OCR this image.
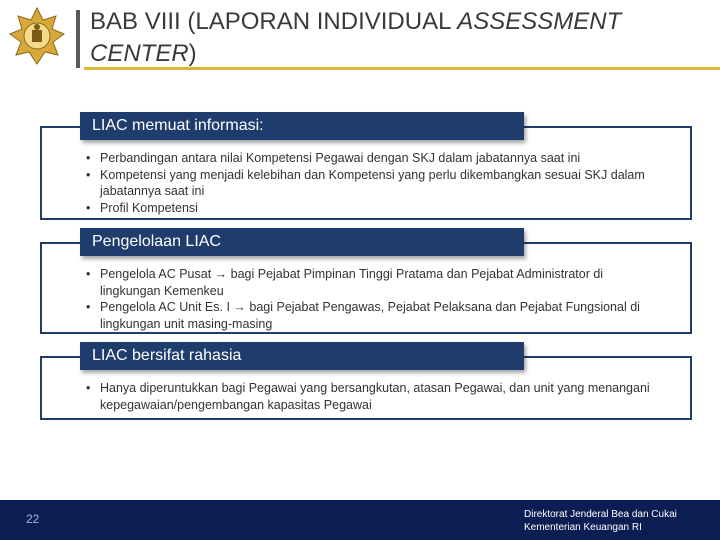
BAB VIII (LAPORAN INDIVIDUAL ASSESSMENT
CENTER)
LIAC memuat informasi:
• Perbandingan antara nilai Kompetensi Pegawai dengan SKJ dalam jabatannya saat ini
• Kompetensi yang menjadi kelebihan dan Kompetensi yang perlu dikembangkan sesuai SKJ dalam jabatannya saat ini
• Profil Kompetensi
Pengelolaan LIAC
• Pengelola AC Pusat → bagi Pejabat Pimpinan Tinggi Pratama dan Pejabat Administrator di lingkungan Kemenkeu
• Pengelola AC Unit Es. I → bagi Pejabat Pengawas, Pejabat Pelaksana dan Pejabat Fungsional di lingkungan unit masing-masing
LIAC bersifat rahasia
• Hanya diperuntukkan bagi Pegawai yang bersangkutan, atasan Pegawai, dan unit yang menangani kepegawaian/pengembangan kapasitas Pegawai
22	Direktorat Jenderal Bea dan Cukai
Kementerian Keuangan RI
